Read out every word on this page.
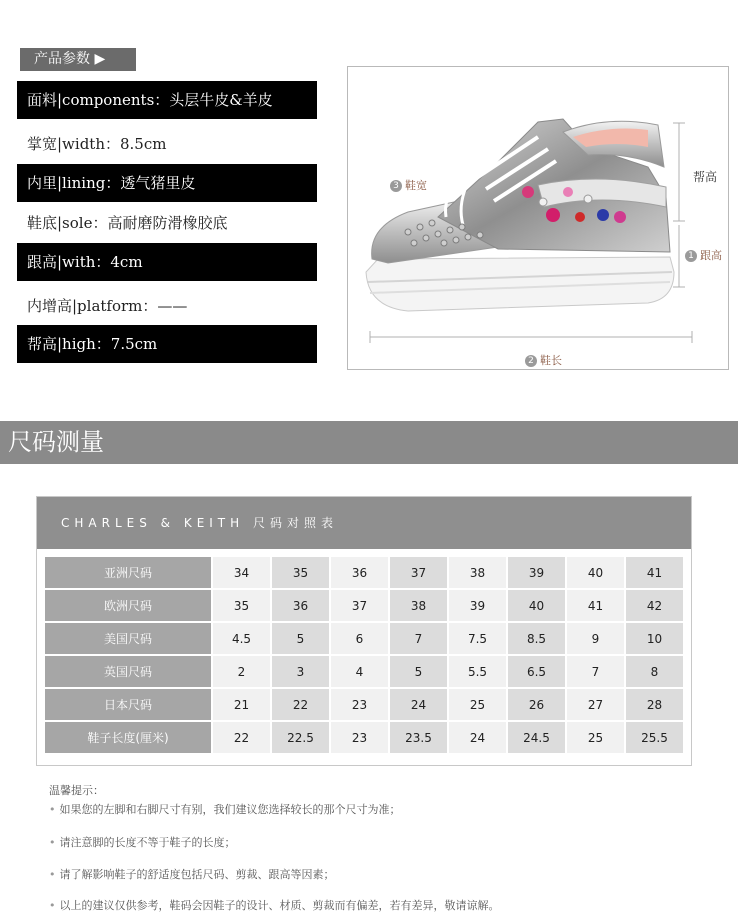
产品参数 ▶
面料|components：头层牛皮&羊皮
掌宽|width：8.5cm
内里|lining：透气猪里皮
鞋底|sole：高耐磨防滑橡胶底
跟高|with：4cm
内增高|platform：——
帮高|high：7.5cm
3 鞋宽
1 跟高
2 鞋长
帮高
尺码测量
CHARLES & KEITH 尺码对照表
亚洲尺码	34	35	36	37	38	39	40	41
欧洲尺码	35	36	37	38	39	40	41	42
美国尺码	4.5	5	6	7	7.5	8.5	9	10
英国尺码	2	3	4	5	5.5	6.5	7	8
日本尺码	21	22	23	24	25	26	27	28
鞋子长度(厘米)	22	22.5	23	23.5	24	24.5	25	25.5
温馨提示：
• 如果您的左脚和右脚尺寸有别，我们建议您选择较长的那个尺寸为准；
• 请注意脚的长度不等于鞋子的长度；
• 请了解影响鞋子的舒适度包括尺码、剪裁、跟高等因素；
• 以上的建议仅供参考，鞋码会因鞋子的设计、材质、剪裁而有偏差，若有差异，敬请谅解。
